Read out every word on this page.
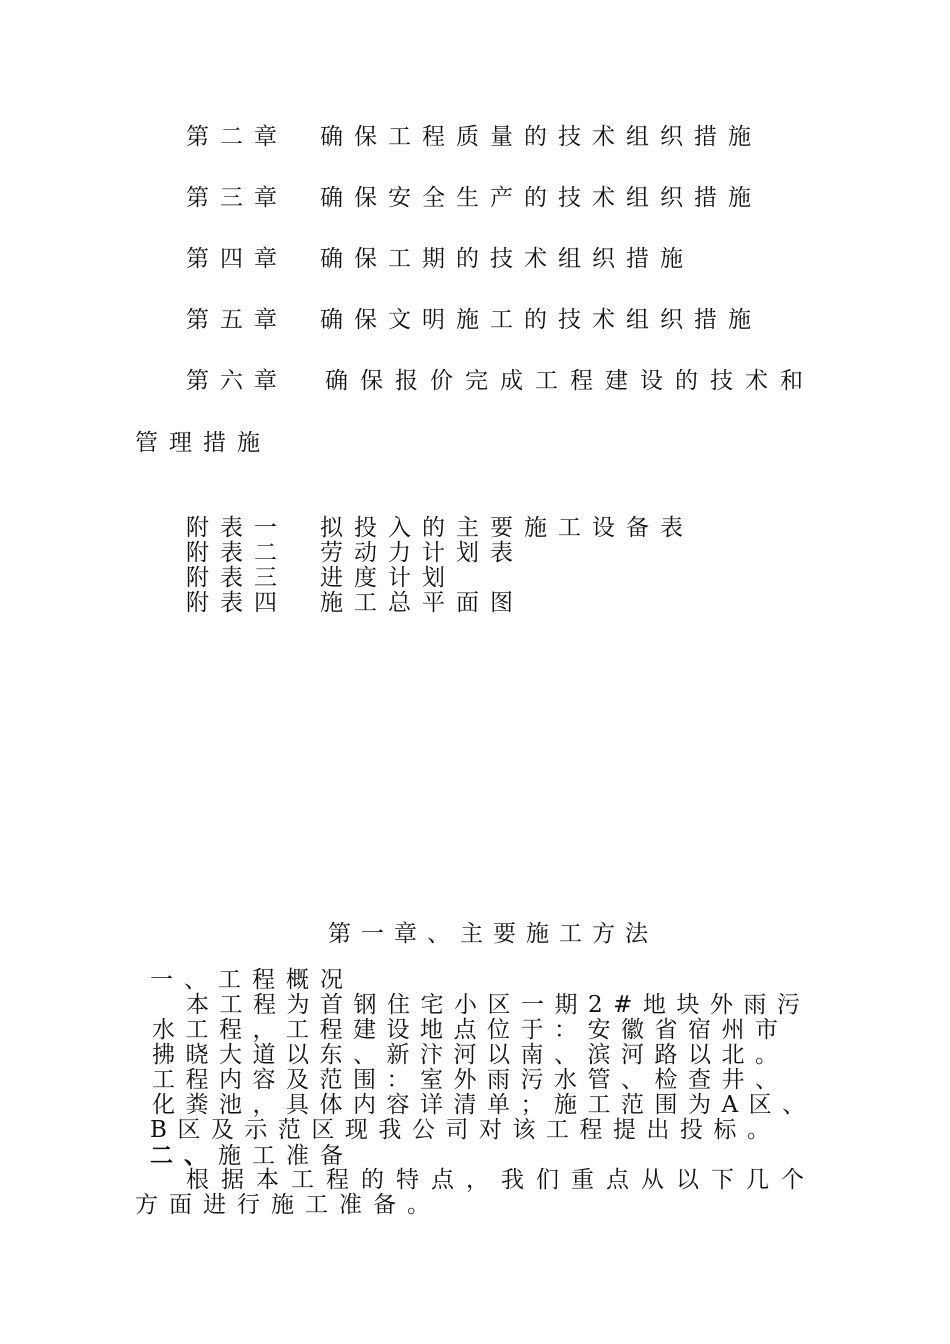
第二章 确保工程质量的技术组织措施
第三章 确保安全生产的技术组织措施
第四章 确保工期的技术组织措施
第五章 确保文明施工的技术组织措施
第六章 确保报价完成工程建设的技术和
管理措施
附表一 拟投入的主要施工设备表
附表二 劳动力计划表
附表三 进度计划
附表四 施工总平面图
第一章、主要施工方法
一、工程概况
本工程为首钢住宅小区一期2#地块外雨污
水工程，工程建设地点位于：安徽省宿州市
拂晓大道以东、新汴河以南、滨河路以北。
工程内容及范围：室外雨污水管、检查井、
化粪池，具体内容详清单；施工范围为A区、
B区及示范区现我公司对该工程提出投标。
二、施工准备
根据本工程的特点，我们重点从以下几个
方面进行施工准备。
